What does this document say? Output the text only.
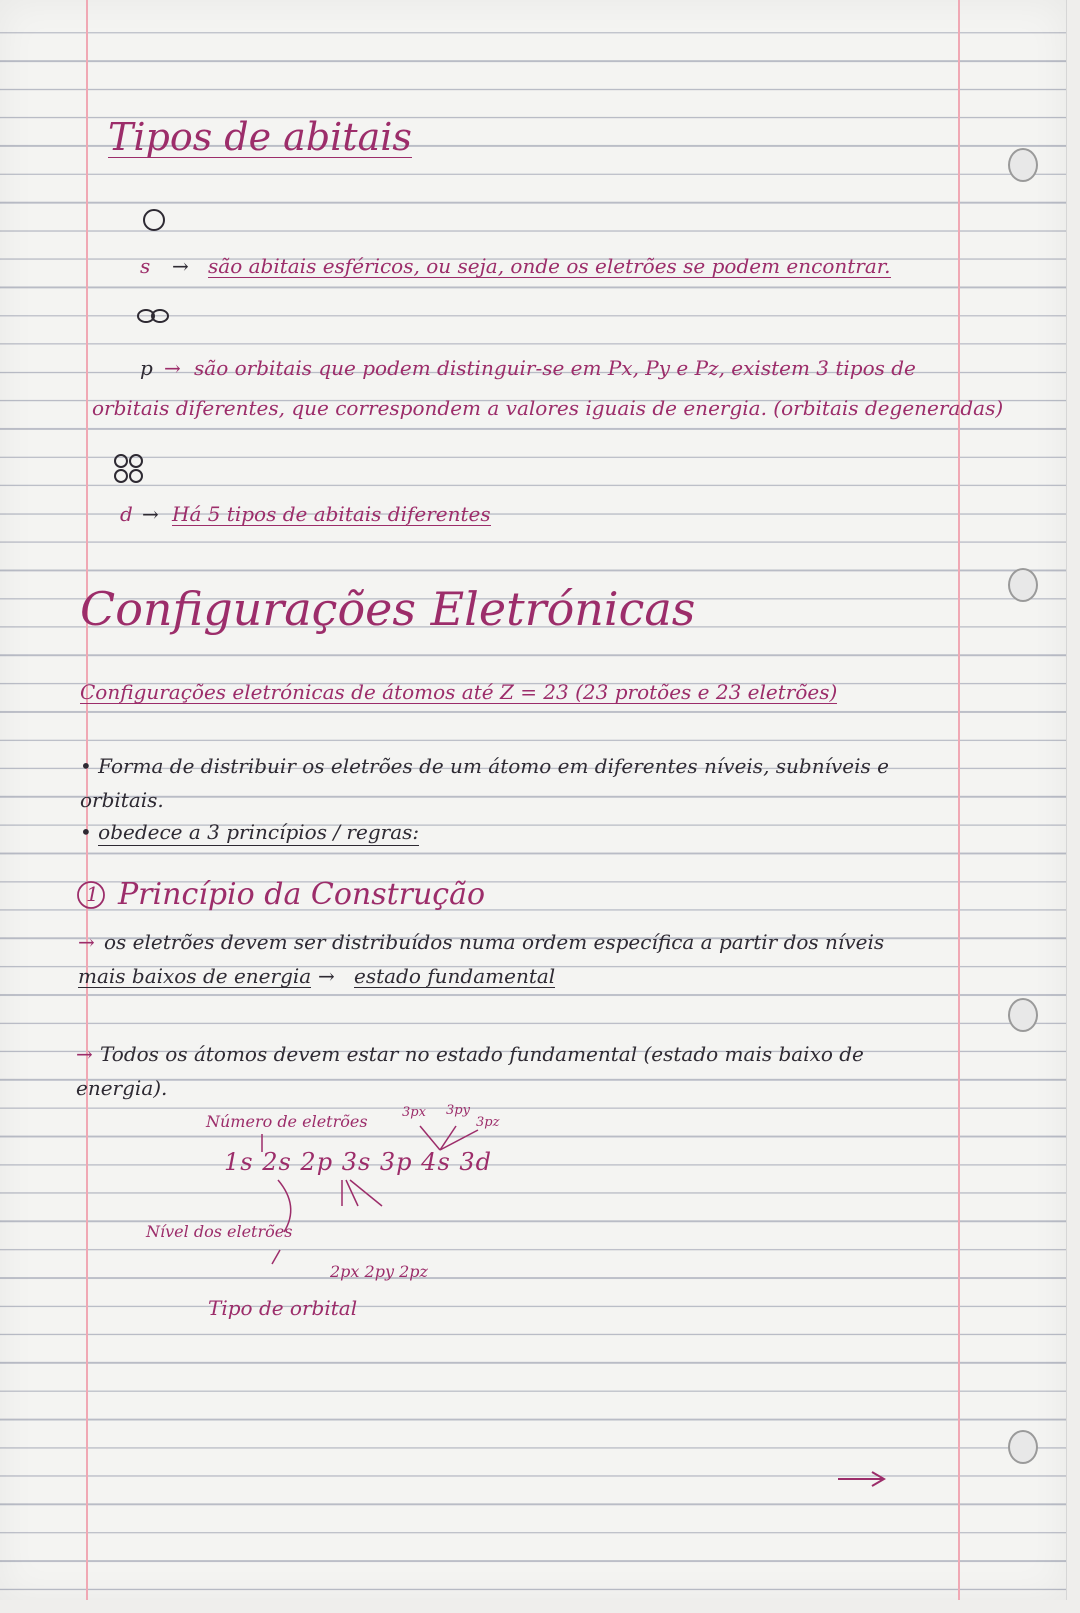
Tipos de abitais
s → são abitais esféricos, ou seja, onde os eletrões se podem encontrar.
p → são orbitais que podem distinguir-se em Px, Py e Pz, existem 3 tipos de
orbitais diferentes, que correspondem a valores iguais de energia. (orbitais degeneradas)
d → Há 5 tipos de abitais diferentes
Configurações Eletrónicas
Configurações eletrónicas de átomos até Z = 23 (23 protões e 23 eletrões)
• Forma de distribuir os eletrões de um átomo em diferentes níveis, subníveis e
orbitais.
• obedece a 3 princípios / regras:
1 Princípio da Construção
→ os eletrões devem ser distribuídos numa ordem específica a partir dos níveis
mais baixos de energia → estado fundamental
→ Todos os átomos devem estar no estado fundamental (estado mais baixo de
energia).
Número de eletrões	3px 3py
3pz
1s 2s 2p 3s 3p 4s 3d
Nível dos eletrões
2px 2py 2pz
Tipo de orbital
